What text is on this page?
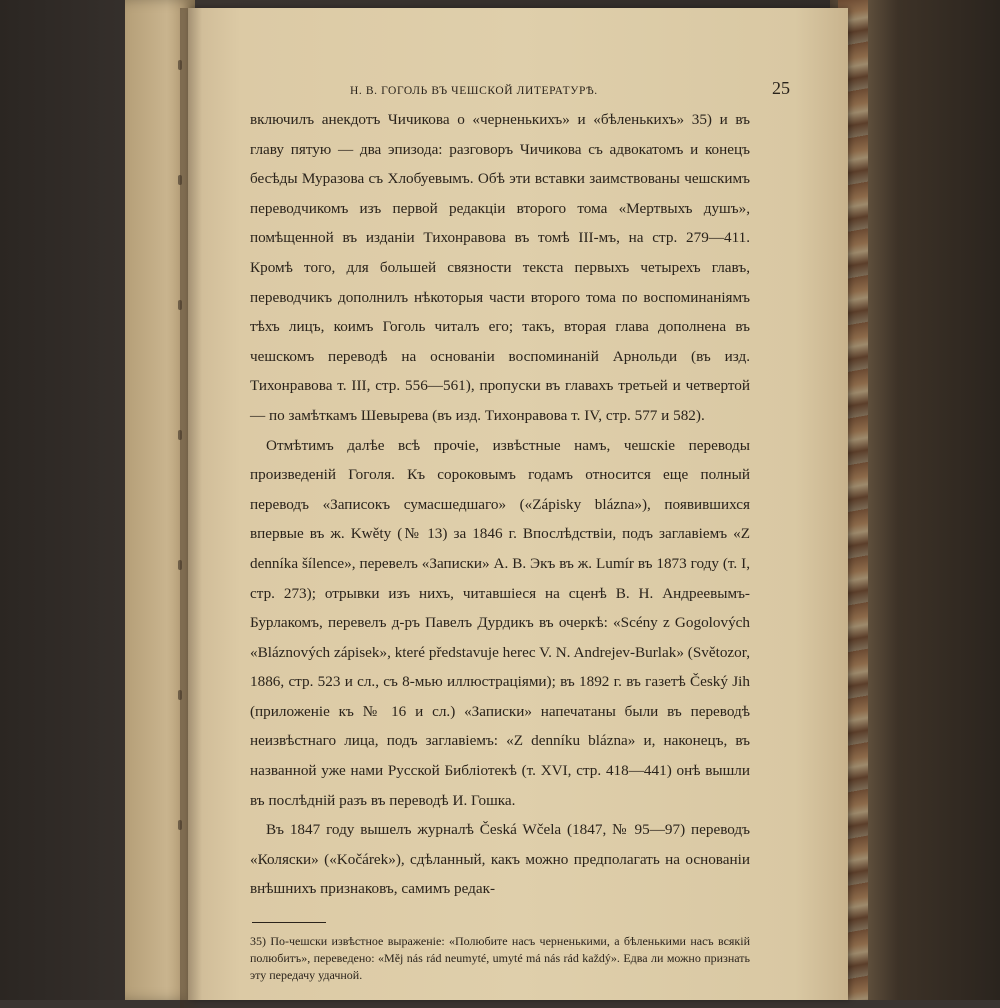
Н. В. ГОГОЛЬ ВЪ ЧЕШСКОЙ ЛИТЕРАТУРѢ.	25

включилъ анекдотъ Чичикова о «черненькихъ» и «бѣленькихъ» 35) и въ главу пятую — два эпизода: разговоръ Чичикова съ адвокатомъ и конецъ бесѣды Муразова съ Хлобуевымъ. Обѣ эти вставки заимствованы чешскимъ переводчикомъ изъ первой редакціи второго тома «Мертвыхъ душъ», помѣщенной въ изданіи Тихонравова въ томѣ III-мъ, на стр. 279—411. Кромѣ того, для большей связности текста первыхъ четырехъ главъ, переводчикъ дополнилъ нѣкоторыя части второго тома по воспоминаніямъ тѣхъ лицъ, коимъ Гоголь читалъ его; такъ, вторая глава дополнена въ чешскомъ переводѣ на основаніи воспоминаній Арнольди (въ изд. Тихонравова т. III, стр. 556—561), пропуски въ главахъ третьей и четвертой — по замѣткамъ Шевырева (въ изд. Тихонравова т. IV, стр. 577 и 582).

Отмѣтимъ далѣе всѣ прочіе, извѣстные намъ, чешскіе переводы произведеній Гоголя. Къ сороковымъ годамъ относится еще полный переводъ «Записокъ сумасшедшаго» («Zápisky blázna»), появившихся впервые въ ж. Kwěty (№ 13) за 1846 г. Впослѣдствіи, подъ заглавіемъ «Z denníka šílence», перевелъ «Записки» А. В. Экъ въ ж. Lumír въ 1873 году (т. I, стр. 273); отрывки изъ нихъ, читавшіеся на сценѣ В. Н. Андреевымъ-Бурлакомъ, перевелъ д-ръ Павелъ Дурдикъ въ очеркѣ: «Scény z Gogolových «Bláznových zápisek», které představuje herec V. N. Andrejev-Burlak» (Světozor, 1886, стр. 523 и сл., съ 8-мью иллюстраціями); въ 1892 г. въ газетѣ Český Jih (приложеніе къ № 16 и сл.) «Записки» напечатаны были въ переводѣ неизвѣстнаго лица, подъ заглавіемъ: «Z denníku blázna» и, наконецъ, въ названной уже нами Русской Библіотекѣ (т. XVI, стр. 418—441) онѣ вышли въ послѣдній разъ въ переводѣ И. Гошка.

Въ 1847 году вышелъ журналѣ Česká Wčela (1847, № 95—97) переводъ «Коляски» («Kočárek»), сдѣланный, какъ можно предполагать на основаніи внѣшнихъ признаковъ, самимъ редак-

35) По-чешски извѣстное выраженіе: «Полюбите насъ черненькими, а бѣленькими насъ всякій полюбитъ», переведено: «Mĕj nás rád neumyté, umyté má nás rád každý». Едва ли можно признать эту передачу удачной.
